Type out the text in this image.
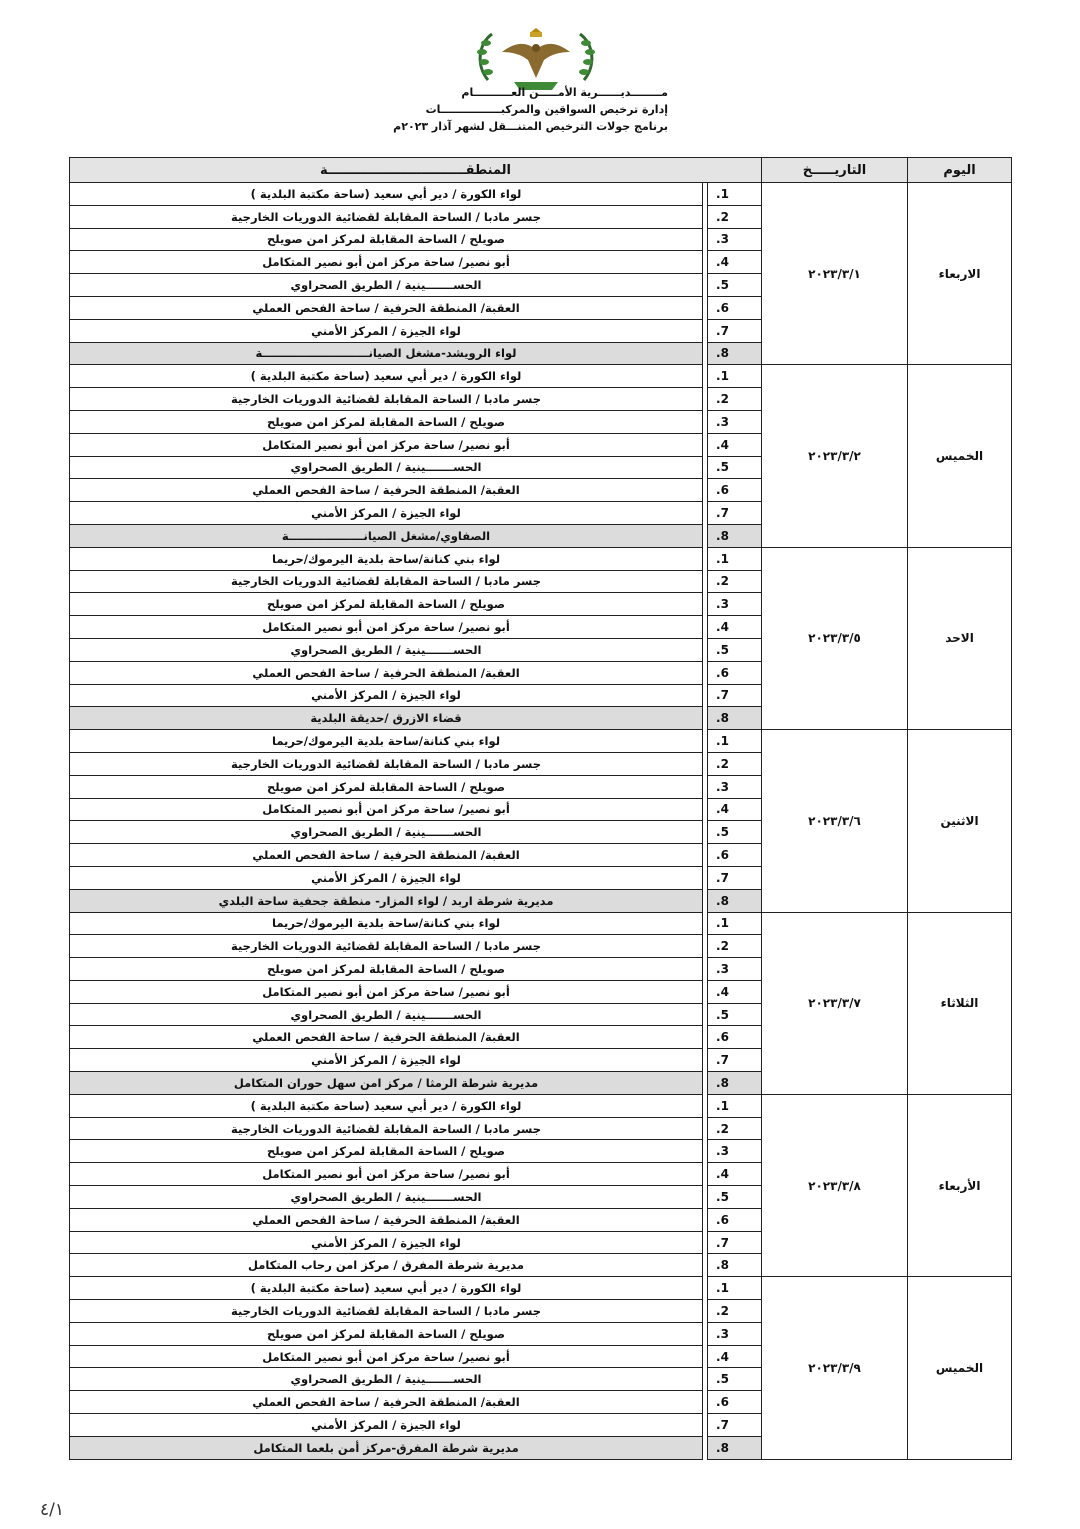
مــــــــديــــــرية الأمـــــن العــــــــــام
إدارة ترخيص السواقين والمركبــــــــــــــــات
برنامج جولات الترخيص المتنـــقل لشهر آذار ٢٠٢٣م
اليوم	التاريـــــخ	المنطقـــــــــــــــــــــــــــــــة		
الاربعاء	٢٠٢٣/٣/١	.1		لواء الكورة / دير أبي سعيد (ساحة مكتبة البلدية )
		.2		جسر مادبا / الساحة المقابلة لقضائية الدوريات الخارجية
		.3		صويلح / الساحة المقابلة لمركز امن صويلح
		.4		أبو نصير/ ساحة مركز امن أبو نصير المتكامل
		.5		الحســـــــينية / الطريق الصحراوي
		.6		العقبة/ المنطقة الحرفية / ساحة الفحص العملي
		.7		لواء الجيزة / المركز الأمني
		.8		لواء الرويشد-مشغل الصيانـــــــــــــــــــــــــــة
الخميس	٢٠٢٣/٣/٢	.1		لواء الكورة / دير أبي سعيد (ساحة مكتبة البلدية )
		.2		جسر مادبا / الساحة المقابلة لقضائية الدوريات الخارجية
		.3		صويلح / الساحة المقابلة لمركز امن صويلح
		.4		أبو نصير/ ساحة مركز امن أبو نصير المتكامل
		.5		الحســـــــينية / الطريق الصحراوي
		.6		العقبة/ المنطقة الحرفية / ساحة الفحص العملي
		.7		لواء الجيزة / المركز الأمني
		.8		الصفاوي/مشغل الصيانـــــــــــــــــــة
الاحد	٢٠٢٣/٣/٥	.1		لواء بني كنانة/ساحة بلدية اليرموك/حريما
		.2		جسر مادبا / الساحة المقابلة لقضائية الدوريات الخارجية
		.3		صويلح / الساحة المقابلة لمركز امن صويلح
		.4		أبو نصير/ ساحة مركز امن أبو نصير المتكامل
		.5		الحســـــــينية / الطريق الصحراوي
		.6		العقبة/ المنطقة الحرفية / ساحة الفحص العملي
		.7		لواء الجيزة / المركز الأمني
		.8		قضاء الازرق /حديقة البلدية
الاثنين	٢٠٢٣/٣/٦	.1		لواء بني كنانة/ساحة بلدية اليرموك/حريما
		.2		جسر مادبا / الساحة المقابلة لقضائية الدوريات الخارجية
		.3		صويلح / الساحة المقابلة لمركز امن صويلح
		.4		أبو نصير/ ساحة مركز امن أبو نصير المتكامل
		.5		الحســـــــينية / الطريق الصحراوي
		.6		العقبة/ المنطقة الحرفية / ساحة الفحص العملي
		.7		لواء الجيزة / المركز الأمني
		.8		مديرية شرطة اربد / لواء المزار- منطقة جحفية ساحة البلدي
الثلاثاء	٢٠٢٣/٣/٧	.1		لواء بني كنانة/ساحة بلدية اليرموك/حريما
		.2		جسر مادبا / الساحة المقابلة لقضائية الدوريات الخارجية
		.3		صويلح / الساحة المقابلة لمركز امن صويلح
		.4		أبو نصير/ ساحة مركز امن أبو نصير المتكامل
		.5		الحســـــــينية / الطريق الصحراوي
		.6		العقبة/ المنطقة الحرفية / ساحة الفحص العملي
		.7		لواء الجيزة / المركز الأمني
		.8		مديرية شرطة الرمثا / مركز امن سهل حوران المتكامل
الأربعاء	٢٠٢٣/٣/٨	.1		لواء الكورة / دير أبي سعيد (ساحة مكتبة البلدية )
		.2		جسر مادبا / الساحة المقابلة لقضائية الدوريات الخارجية
		.3		صويلح / الساحة المقابلة لمركز امن صويلح
		.4		أبو نصير/ ساحة مركز امن أبو نصير المتكامل
		.5		الحســـــــينية / الطريق الصحراوي
		.6		العقبة/ المنطقة الحرفية / ساحة الفحص العملي
		.7		لواء الجيزة / المركز الأمني
		.8		مديرية شرطة المفرق / مركز امن رحاب المتكامل
الخميس	٢٠٢٣/٣/٩	.1		لواء الكورة / دير أبي سعيد (ساحة مكتبة البلدية )
		.2		جسر مادبا / الساحة المقابلة لقضائية الدوريات الخارجية
		.3		صويلح / الساحة المقابلة لمركز امن صويلح
		.4		أبو نصير/ ساحة مركز امن أبو نصير المتكامل
		.5		الحســـــــينية / الطريق الصحراوي
		.6		العقبة/ المنطقة الحرفية / ساحة الفحص العملي
		.7		لواء الجيزة / المركز الأمني
		.8		مديرية شرطة المفرق-مركز أمن بلعما المتكامل
٤/١
